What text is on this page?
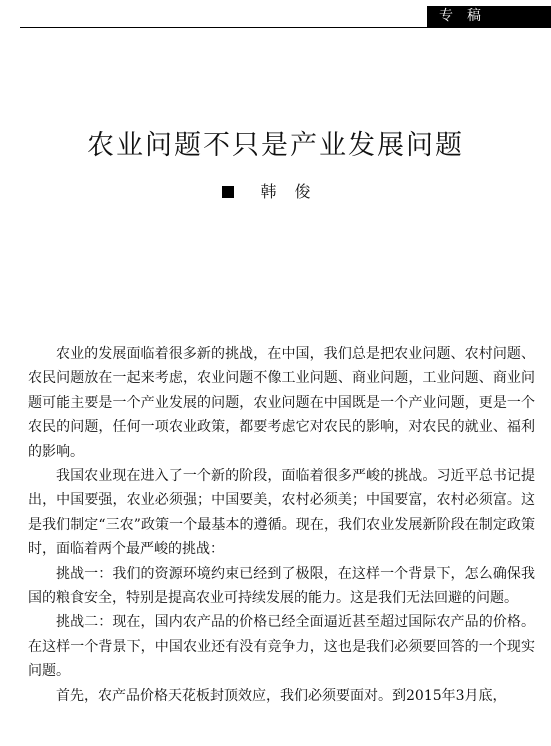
专稿
农业问题不只是产业发展问题
韩俊

农业的发展面临着很多新的挑战，在中国，我们总是把农业问题、农村问题、农民问题放在一起来考虑，农业问题不像工业问题、商业问题，工业问题、商业问题可能主要是一个产业发展的问题，农业问题在中国既是一个产业问题，更是一个农民的问题，任何一项农业政策，都要考虑它对农民的影响，对农民的就业、福利的影响。

我国农业现在进入了一个新的阶段，面临着很多严峻的挑战。习近平总书记提出，中国要强，农业必须强；中国要美，农村必须美；中国要富，农村必须富。这是我们制定“三农”政策一个最基本的遵循。现在，我们农业发展新阶段在制定政策时，面临着两个最严峻的挑战：

挑战一：我们的资源环境约束已经到了极限，在这样一个背景下，怎么确保我国的粮食安全，特别是提高农业可持续发展的能力。这是我们无法回避的问题。

挑战二：现在，国内农产品的价格已经全面逼近甚至超过国际农产品的价格。在这样一个背景下，中国农业还有没有竞争力，这也是我们必须要回答的一个现实问题。

首先，农产品价格天花板封顶效应，我们必须要面对。到2015年3月底，
